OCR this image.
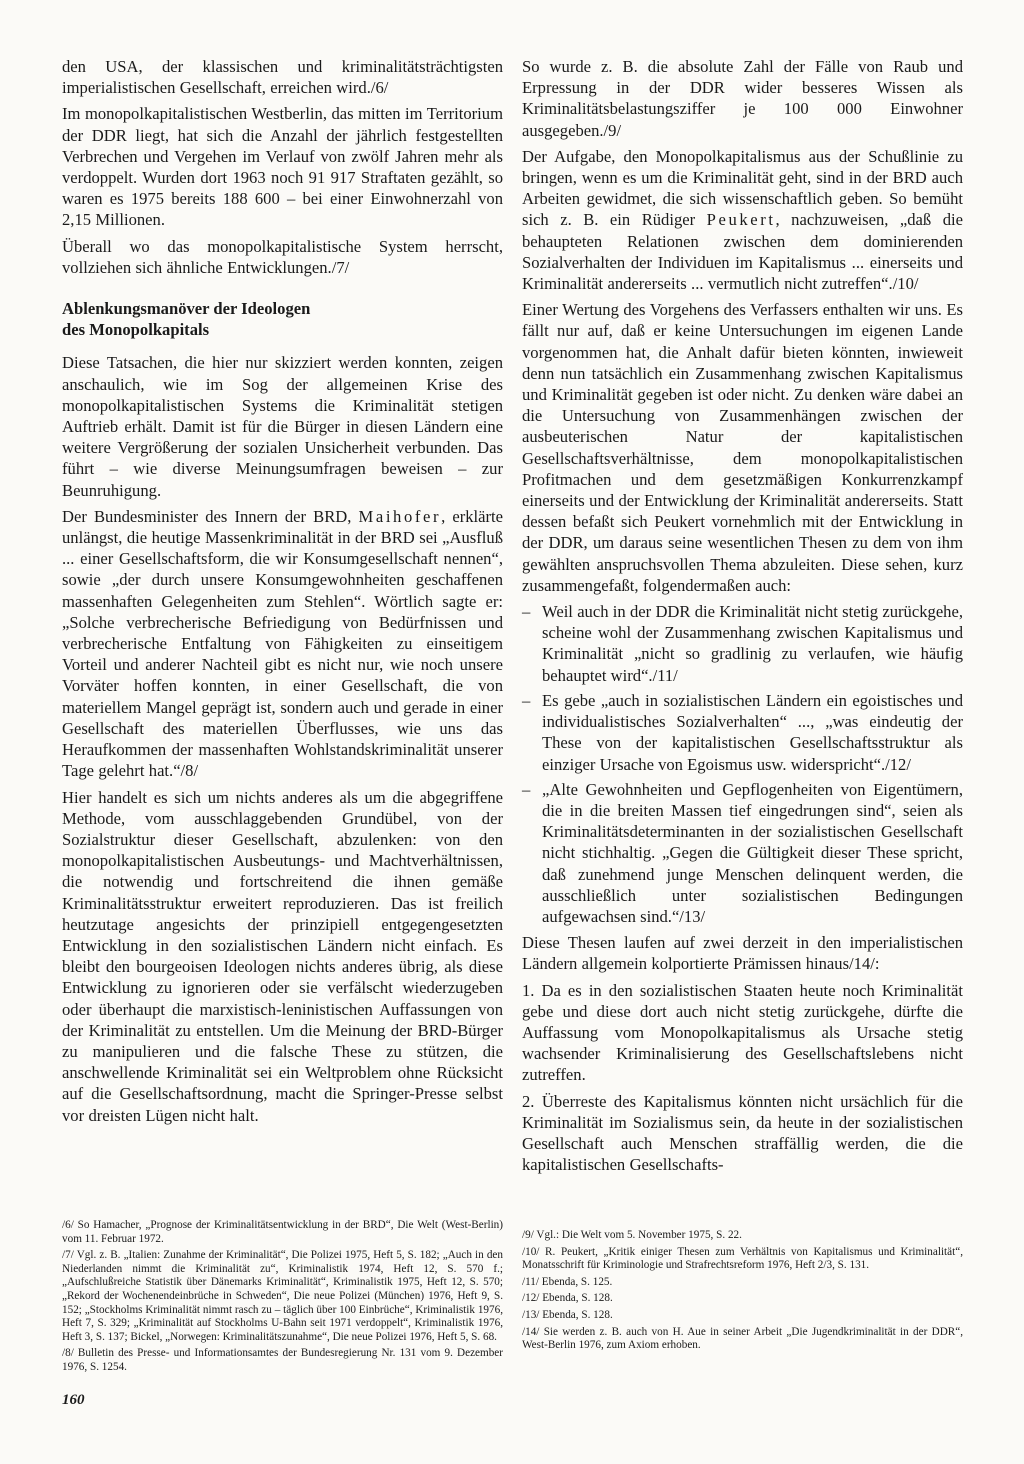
den USA, der klassischen und kriminalitätsträchtigsten imperialistischen Gesellschaft, erreichen wird./6/

Im monopolkapitalistischen Westberlin, das mitten im Territorium der DDR liegt, hat sich die Anzahl der jährlich festgestellten Verbrechen und Vergehen im Verlauf von zwölf Jahren mehr als verdoppelt. Wurden dort 1963 noch 91 917 Straftaten gezählt, so waren es 1975 bereits 188 600 – bei einer Einwohnerzahl von 2,15 Millionen.

Überall wo das monopolkapitalistische System herrscht, vollziehen sich ähnliche Entwicklungen./7/

Ablenkungsmanöver der Ideologen
des Monopolkapitals

Diese Tatsachen, die hier nur skizziert werden konnten, zeigen anschaulich, wie im Sog der allgemeinen Krise des monopolkapitalistischen Systems die Kriminalität stetigen Auftrieb erhält. Damit ist für die Bürger in diesen Ländern eine weitere Vergrößerung der sozialen Unsicherheit verbunden. Das führt – wie diverse Meinungsumfragen beweisen – zur Beunruhigung.

Der Bundesminister des Innern der BRD, Maihofer, erklärte unlängst, die heutige Massenkriminalität in der BRD sei „Ausfluß ... einer Gesellschaftsform, die wir Konsumgesellschaft nennen“, sowie „der durch unsere Konsumgewohnheiten geschaffenen massenhaften Gelegenheiten zum Stehlen“. Wörtlich sagte er: „Solche verbrecherische Befriedigung von Bedürfnissen und verbrecherische Entfaltung von Fähigkeiten zu einseitigem Vorteil und anderer Nachteil gibt es nicht nur, wie noch unsere Vorväter hoffen konnten, in einer Gesellschaft, die von materiellem Mangel geprägt ist, sondern auch und gerade in einer Gesellschaft des materiellen Überflusses, wie uns das Heraufkommen der massenhaften Wohlstandskriminalität unserer Tage gelehrt hat.“/8/

Hier handelt es sich um nichts anderes als um die abgegriffene Methode, vom ausschlaggebenden Grundübel, von der Sozialstruktur dieser Gesellschaft, abzulenken: von den monopolkapitalistischen Ausbeutungs- und Machtverhältnissen, die notwendig und fortschreitend die ihnen gemäße Kriminalitätsstruktur erweitert reproduzieren. Das ist freilich heutzutage angesichts der prinzipiell entgegengesetzten Entwicklung in den sozialistischen Ländern nicht einfach. Es bleibt den bourgeoisen Ideologen nichts anderes übrig, als diese Entwicklung zu ignorieren oder sie verfälscht wiederzugeben oder überhaupt die marxistisch-leninistischen Auffassungen von der Kriminalität zu entstellen. Um die Meinung der BRD-Bürger zu manipulieren und die falsche These zu stützen, die anschwellende Kriminalität sei ein Weltproblem ohne Rücksicht auf die Gesellschaftsordnung, macht die Springer-Presse selbst vor dreisten Lügen nicht halt.

/6/ So Hamacher, „Prognose der Kriminalitätsentwicklung in der BRD“, Die Welt (West-Berlin) vom 11. Februar 1972.

/7/ Vgl. z. B. „Italien: Zunahme der Kriminalität“, Die Polizei 1975, Heft 5, S. 182; „Auch in den Niederlanden nimmt die Kriminalität zu“, Kriminalistik 1974, Heft 12, S. 570 f.; „Aufschlußreiche Statistik über Dänemarks Kriminalität“, Kriminalistik 1975, Heft 12, S. 570; „Rekord der Wochenendeinbrüche in Schweden“, Die neue Polizei (München) 1976, Heft 9, S. 152; „Stockholms Kriminalität nimmt rasch zu – täglich über 100 Einbrüche“, Kriminalistik 1976, Heft 7, S. 329; „Kriminalität auf Stockholms U-Bahn seit 1971 verdoppelt“, Kriminalistik 1976, Heft 3, S. 137; Bickel, „Norwegen: Kriminalitätszunahme“, Die neue Polizei 1976, Heft 5, S. 68.

/8/ Bulletin des Presse- und Informationsamtes der Bundesregierung Nr. 131 vom 9. Dezember 1976, S. 1254.

So wurde z. B. die absolute Zahl der Fälle von Raub und Erpressung in der DDR wider besseres Wissen als Kriminalitätsbelastungsziffer je 100 000 Einwohner ausgegeben./9/

Der Aufgabe, den Monopolkapitalismus aus der Schußlinie zu bringen, wenn es um die Kriminalität geht, sind in der BRD auch Arbeiten gewidmet, die sich wissenschaftlich geben. So bemüht sich z. B. ein Rüdiger Peukert, nachzuweisen, „daß die behaupteten Relationen zwischen dem dominierenden Sozialverhalten der Individuen im Kapitalismus ... einerseits und Kriminalität andererseits ... vermutlich nicht zutreffen“./10/

Einer Wertung des Vorgehens des Verfassers enthalten wir uns. Es fällt nur auf, daß er keine Untersuchungen im eigenen Lande vorgenommen hat, die Anhalt dafür bieten könnten, inwieweit denn nun tatsächlich ein Zusammenhang zwischen Kapitalismus und Kriminalität gegeben ist oder nicht. Zu denken wäre dabei an die Untersuchung von Zusammenhängen zwischen der ausbeuterischen Natur der kapitalistischen Gesellschaftsverhältnisse, dem monopolkapitalistischen Profitmachen und dem gesetzmäßigen Konkurrenzkampf einerseits und der Entwicklung der Kriminalität andererseits. Statt dessen befaßt sich Peukert vornehmlich mit der Entwicklung in der DDR, um daraus seine wesentlichen Thesen zu dem von ihm gewählten anspruchsvollen Thema abzuleiten. Diese sehen, kurz zusammengefaßt, folgendermaßen auch:

– Weil auch in der DDR die Kriminalität nicht stetig zurückgehe, scheine wohl der Zusammenhang zwischen Kapitalismus und Kriminalität „nicht so gradlinig zu verlaufen, wie häufig behauptet wird“./11/
– Es gebe „auch in sozialistischen Ländern ein egoistisches und individualistisches Sozialverhalten“ ..., „was eindeutig der These von der kapitalistischen Gesellschaftsstruktur als einziger Ursache von Egoismus usw. widerspricht“./12/
– „Alte Gewohnheiten und Gepflogenheiten von Eigentümern, die in die breiten Massen tief eingedrungen sind“, seien als Kriminalitätsdeterminanten in der sozialistischen Gesellschaft nicht stichhaltig. „Gegen die Gültigkeit dieser These spricht, daß zunehmend junge Menschen delinquent werden, die ausschließlich unter sozialistischen Bedingungen aufgewachsen sind.“/13/

Diese Thesen laufen auf zwei derzeit in den imperialistischen Ländern allgemein kolportierte Prämissen hinaus/14/:

1. Da es in den sozialistischen Staaten heute noch Kriminalität gebe und diese dort auch nicht stetig zurückgehe, dürfte die Auffassung vom Monopolkapitalismus als Ursache stetig wachsender Kriminalisierung des Gesellschaftslebens nicht zutreffen.

2. Überreste des Kapitalismus könnten nicht ursächlich für die Kriminalität im Sozialismus sein, da heute in der sozialistischen Gesellschaft auch Menschen straffällig werden, die die kapitalistischen Gesellschafts-

/9/ Vgl.: Die Welt vom 5. November 1975, S. 22.

/10/ R. Peukert, „Kritik einiger Thesen zum Verhältnis von Kapitalismus und Kriminalität“, Monatsschrift für Kriminologie und Strafrechtsreform 1976, Heft 2/3, S. 131.

/11/ Ebenda, S. 125.

/12/ Ebenda, S. 128.

/13/ Ebenda, S. 128.

/14/ Sie werden z. B. auch von H. Aue in seiner Arbeit „Die Jugendkriminalität in der DDR“, West-Berlin 1976, zum Axiom erhoben.

160
